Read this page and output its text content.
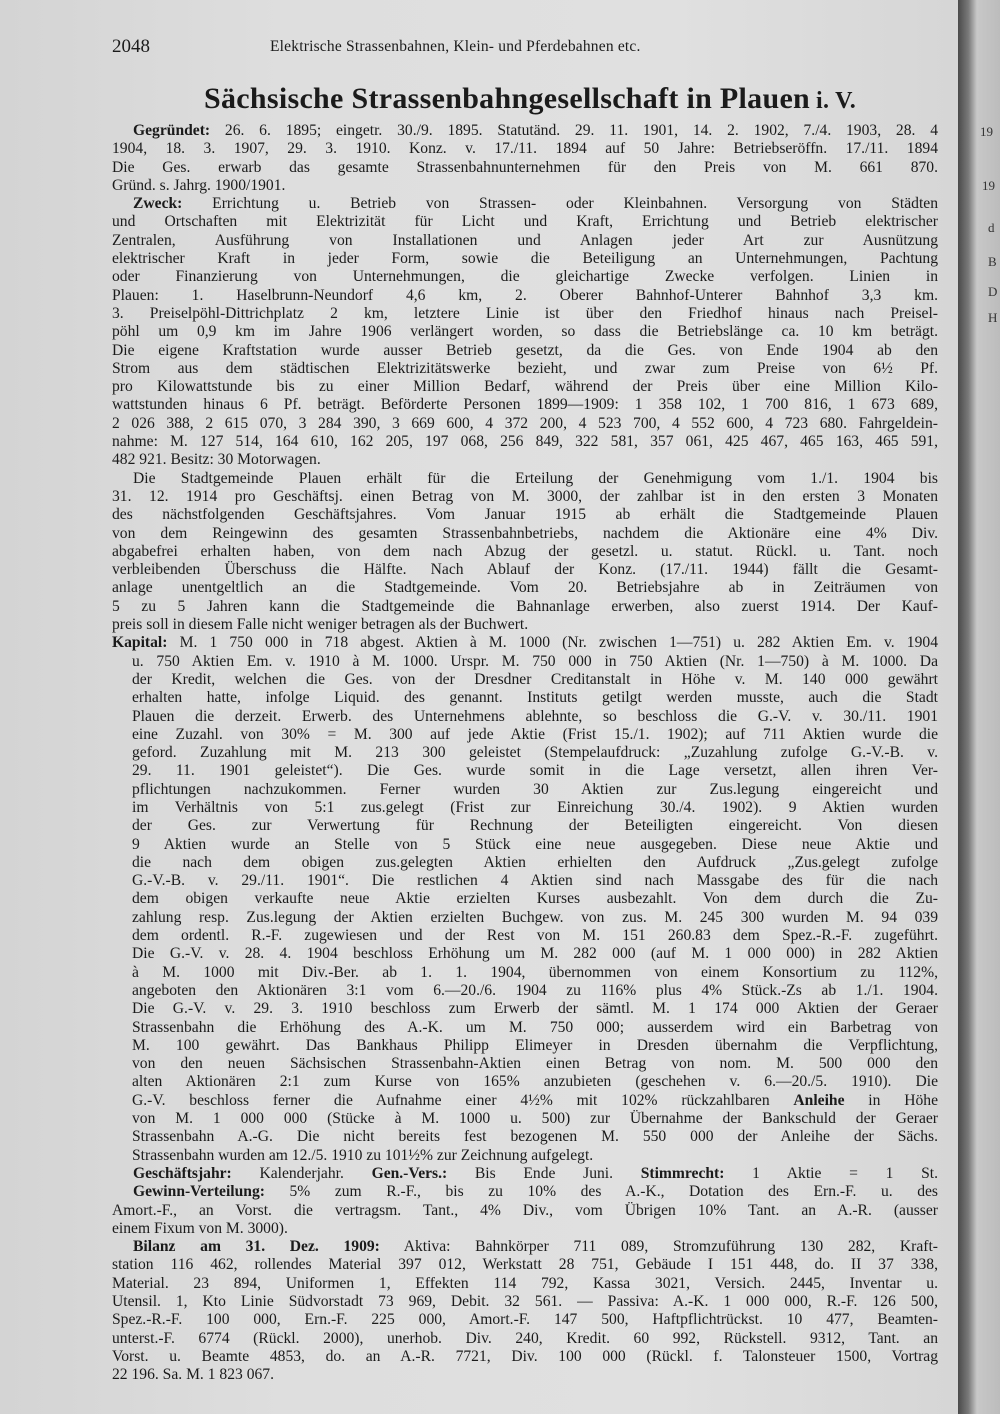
2048	Elektrische Strassenbahnen, Klein- und Pferdebahnen etc.
Sächsische Strassenbahngesellschaft in Plauen i. V.
Gegründet: 26. 6. 1895; eingetr. 30./9. 1895. Statutänd. 29. 11. 1901, 14. 2. 1902, 7./4. 1903, 28. 4
1904, 18. 3. 1907, 29. 3. 1910. Konz. v. 17./11. 1894 auf 50 Jahre: Betriebseröffn. 17./11. 1894
Die Ges. erwarb das gesamte Strassenbahnunternehmen für den Preis von M. 661 870.
Gründ. s. Jahrg. 1900/1901.
Zweck: Errichtung u. Betrieb von Strassen- oder Kleinbahnen. Versorgung von Städten
und Ortschaften mit Elektrizität für Licht und Kraft, Errichtung und Betrieb elektrischer
Zentralen, Ausführung von Installationen und Anlagen jeder Art zur Ausnützung
elektrischer Kraft in jeder Form, sowie die Beteiligung an Unternehmungen, Pachtung
oder Finanzierung von Unternehmungen, die gleichartige Zwecke verfolgen. Linien in
Plauen: 1. Haselbrunn-Neundorf 4,6 km, 2. Oberer Bahnhof-Unterer Bahnhof 3,3 km.
3. Preiselpöhl-Dittrichplatz 2 km, letztere Linie ist über den Friedhof hinaus nach Preisel-
pöhl um 0,9 km im Jahre 1906 verlängert worden, so dass die Betriebslänge ca. 10 km beträgt.
Die eigene Kraftstation wurde ausser Betrieb gesetzt, da die Ges. von Ende 1904 ab den
Strom aus dem städtischen Elektrizitätswerke bezieht, und zwar zum Preise von 6½ Pf.
pro Kilowattstunde bis zu einer Million Bedarf, während der Preis über eine Million Kilo-
wattstunden hinaus 6 Pf. beträgt. Beförderte Personen 1899—1909: 1 358 102, 1 700 816, 1 673 689,
2 026 388, 2 615 070, 3 284 390, 3 669 600, 4 372 200, 4 523 700, 4 552 600, 4 723 680. Fahrgeldein-
nahme: M. 127 514, 164 610, 162 205, 197 068, 256 849, 322 581, 357 061, 425 467, 465 163, 465 591,
482 921. Besitz: 30 Motorwagen.
Die Stadtgemeinde Plauen erhält für die Erteilung der Genehmigung vom 1./1. 1904 bis
31. 12. 1914 pro Geschäftsj. einen Betrag von M. 3000, der zahlbar ist in den ersten 3 Monaten
des nächstfolgenden Geschäftsjahres. Vom Januar 1915 ab erhält die Stadtgemeinde Plauen
von dem Reingewinn des gesamten Strassenbahnbetriebs, nachdem die Aktionäre eine 4% Div.
abgabefrei erhalten haben, von dem nach Abzug der gesetzl. u. statut. Rückl. u. Tant. noch
verbleibenden Überschuss die Hälfte. Nach Ablauf der Konz. (17./11. 1944) fällt die Gesamt-
anlage unentgeltlich an die Stadtgemeinde. Vom 20. Betriebsjahre ab in Zeiträumen von
5 zu 5 Jahren kann die Stadtgemeinde die Bahnanlage erwerben, also zuerst 1914. Der Kauf-
preis soll in diesem Falle nicht weniger betragen als der Buchwert.
Kapital: M. 1 750 000 in 718 abgest. Aktien à M. 1000 (Nr. zwischen 1—751) u. 282 Aktien Em. v. 1904
u. 750 Aktien Em. v. 1910 à M. 1000. Urspr. M. 750 000 in 750 Aktien (Nr. 1—750) à M. 1000. Da
der Kredit, welchen die Ges. von der Dresdner Creditanstalt in Höhe v. M. 140 000 gewährt
erhalten hatte, infolge Liquid. des genannt. Instituts getilgt werden musste, auch die Stadt
Plauen die derzeit. Erwerb. des Unternehmens ablehnte, so beschloss die G.-V. v. 30./11. 1901
eine Zuzahl. von 30% = M. 300 auf jede Aktie (Frist 15./1. 1902); auf 711 Aktien wurde die
geford. Zuzahlung mit M. 213 300 geleistet (Stempelaufdruck: „Zuzahlung zufolge G.-V.-B. v.
29. 11. 1901 geleistet“). Die Ges. wurde somit in die Lage versetzt, allen ihren Ver-
pflichtungen nachzukommen. Ferner wurden 30 Aktien zur Zus.legung eingereicht und
im Verhältnis von 5:1 zus.gelegt (Frist zur Einreichung 30./4. 1902). 9 Aktien wurden
der Ges. zur Verwertung für Rechnung der Beteiligten eingereicht. Von diesen
9 Aktien wurde an Stelle von 5 Stück eine neue ausgegeben. Diese neue Aktie und
die nach dem obigen zus.gelegten Aktien erhielten den Aufdruck „Zus.gelegt zufolge
G.-V.-B. v. 29./11. 1901“. Die restlichen 4 Aktien sind nach Massgabe des für die nach
dem obigen verkaufte neue Aktie erzielten Kurses ausbezahlt. Von dem durch die Zu-
zahlung resp. Zus.legung der Aktien erzielten Buchgew. von zus. M. 245 300 wurden M. 94 039
dem ordentl. R.-F. zugewiesen und der Rest von M. 151 260.83 dem Spez.-R.-F. zugeführt.
Die G.-V. v. 28. 4. 1904 beschloss Erhöhung um M. 282 000 (auf M. 1 000 000) in 282 Aktien
à M. 1000 mit Div.-Ber. ab 1. 1. 1904, übernommen von einem Konsortium zu 112%,
angeboten den Aktionären 3:1 vom 6.—20./6. 1904 zu 116% plus 4% Stück.-Zs ab 1./1. 1904.
Die G.-V. v. 29. 3. 1910 beschloss zum Erwerb der sämtl. M. 1 174 000 Aktien der Geraer
Strassenbahn die Erhöhung des A.-K. um M. 750 000; ausserdem wird ein Barbetrag von
M. 100 gewährt. Das Bankhaus Philipp Elimeyer in Dresden übernahm die Verpflichtung,
von den neuen Sächsischen Strassenbahn-Aktien einen Betrag von nom. M. 500 000 den
alten Aktionären 2:1 zum Kurse von 165% anzubieten (geschehen v. 6.—20./5. 1910). Die
G.-V. beschloss ferner die Aufnahme einer 4½% mit 102% rückzahlbaren Anleihe in Höhe
von M. 1 000 000 (Stücke à M. 1000 u. 500) zur Übernahme der Bankschuld der Geraer
Strassenbahn A.-G. Die nicht bereits fest bezogenen M. 550 000 der Anleihe der Sächs.
Strassenbahn wurden am 12./5. 1910 zu 101½% zur Zeichnung aufgelegt.
Geschäftsjahr: Kalenderjahr. Gen.-Vers.: Bis Ende Juni. Stimmrecht: 1 Aktie = 1 St.
Gewinn-Verteilung: 5% zum R.-F., bis zu 10% des A.-K., Dotation des Ern.-F. u. des
Amort.-F., an Vorst. die vertragsm. Tant., 4% Div., vom Übrigen 10% Tant. an A.-R. (ausser
einem Fixum von M. 3000).
Bilanz am 31. Dez. 1909: Aktiva: Bahnkörper 711 089, Stromzuführung 130 282, Kraft-
station 116 462, rollendes Material 397 012, Werkstatt 28 751, Gebäude I 151 448, do. II 37 338,
Material. 23 894, Uniformen 1, Effekten 114 792, Kassa 3021, Versich. 2445, Inventar u.
Utensil. 1, Kto Linie Südvorstadt 73 969, Debit. 32 561. — Passiva: A.-K. 1 000 000, R.-F. 126 500,
Spez.-R.-F. 100 000, Ern.-F. 225 000, Amort.-F. 147 500, Haftpflichtrückst. 10 477, Beamten-
unterst.-F. 6774 (Rückl. 2000), unerhob. Div. 240, Kredit. 60 992, Rückstell. 9312, Tant. an
Vorst. u. Beamte 4853, do. an A.-R. 7721, Div. 100 000 (Rückl. f. Talonsteuer 1500, Vortrag
22 196. Sa. M. 1 823 067.
19
19
d
B
D
H
